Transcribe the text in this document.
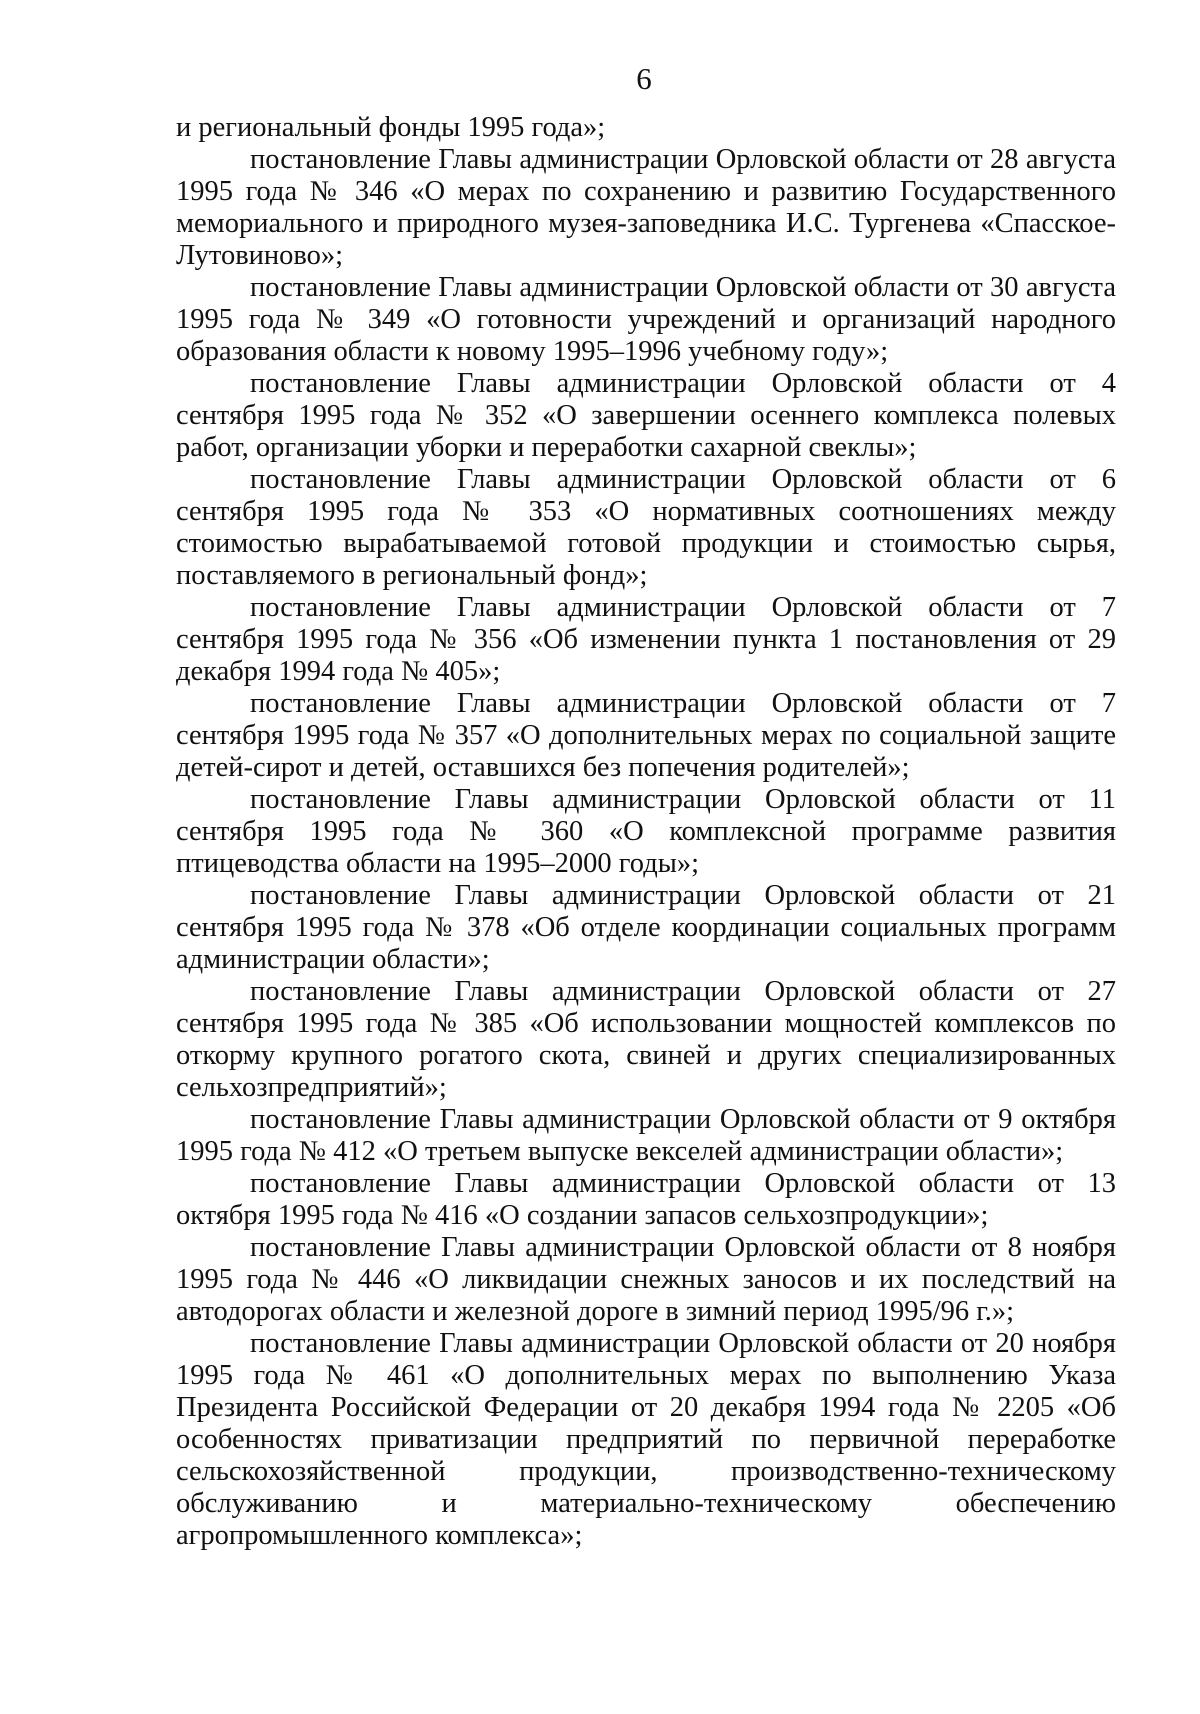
6

и региональный фонды 1995 года»;

постановление Главы администрации Орловской области от 28 августа 1995 года № 346 «О мерах по сохранению и развитию Государственного мемориального и природного музея-заповедника И.С. Тургенева «Спасское-Лутовиново»;

постановление Главы администрации Орловской области от 30 августа 1995 года № 349 «О готовности учреждений и организаций народного образования области к новому 1995–1996 учебному году»;

постановление Главы администрации Орловской области от 4 сентября 1995 года № 352 «О завершении осеннего комплекса полевых работ, организации уборки и переработки сахарной свеклы»;

постановление Главы администрации Орловской области от 6 сентября 1995 года № 353 «О нормативных соотношениях между стоимостью вырабатываемой готовой продукции и стоимостью сырья, поставляемого в региональный фонд»;

постановление Главы администрации Орловской области от 7 сентября 1995 года № 356 «Об изменении пункта 1 постановления от 29 декабря 1994 года № 405»;

постановление Главы администрации Орловской области от 7 сентября 1995 года № 357 «О дополнительных мерах по социальной защите детей-сирот и детей, оставшихся без попечения родителей»;

постановление Главы администрации Орловской области от 11 сентября 1995 года № 360 «О комплексной программе развития птицеводства области на 1995–2000 годы»;

постановление Главы администрации Орловской области от 21 сентября 1995 года № 378 «Об отделе координации социальных программ администрации области»;

постановление Главы администрации Орловской области от 27 сентября 1995 года № 385 «Об использовании мощностей комплексов по откорму крупного рогатого скота, свиней и других специализированных сельхозпредприятий»;

постановление Главы администрации Орловской области от 9 октября 1995 года № 412 «О третьем выпуске векселей администрации области»;

постановление Главы администрации Орловской области от 13 октября 1995 года № 416 «О создании запасов сельхозпродукции»;

постановление Главы администрации Орловской области от 8 ноября 1995 года № 446 «О ликвидации снежных заносов и их последствий на автодорогах области и железной дороге в зимний период 1995/96 г.»;

постановление Главы администрации Орловской области от 20 ноября 1995 года № 461 «О дополнительных мерах по выполнению Указа Президента Российской Федерации от 20 декабря 1994 года № 2205 «Об особенностях приватизации предприятий по первичной переработке сельскохозяйственной продукции, производственно-техническому обслуживанию и материально-техническому обеспечению агропромышленного комплекса»;
